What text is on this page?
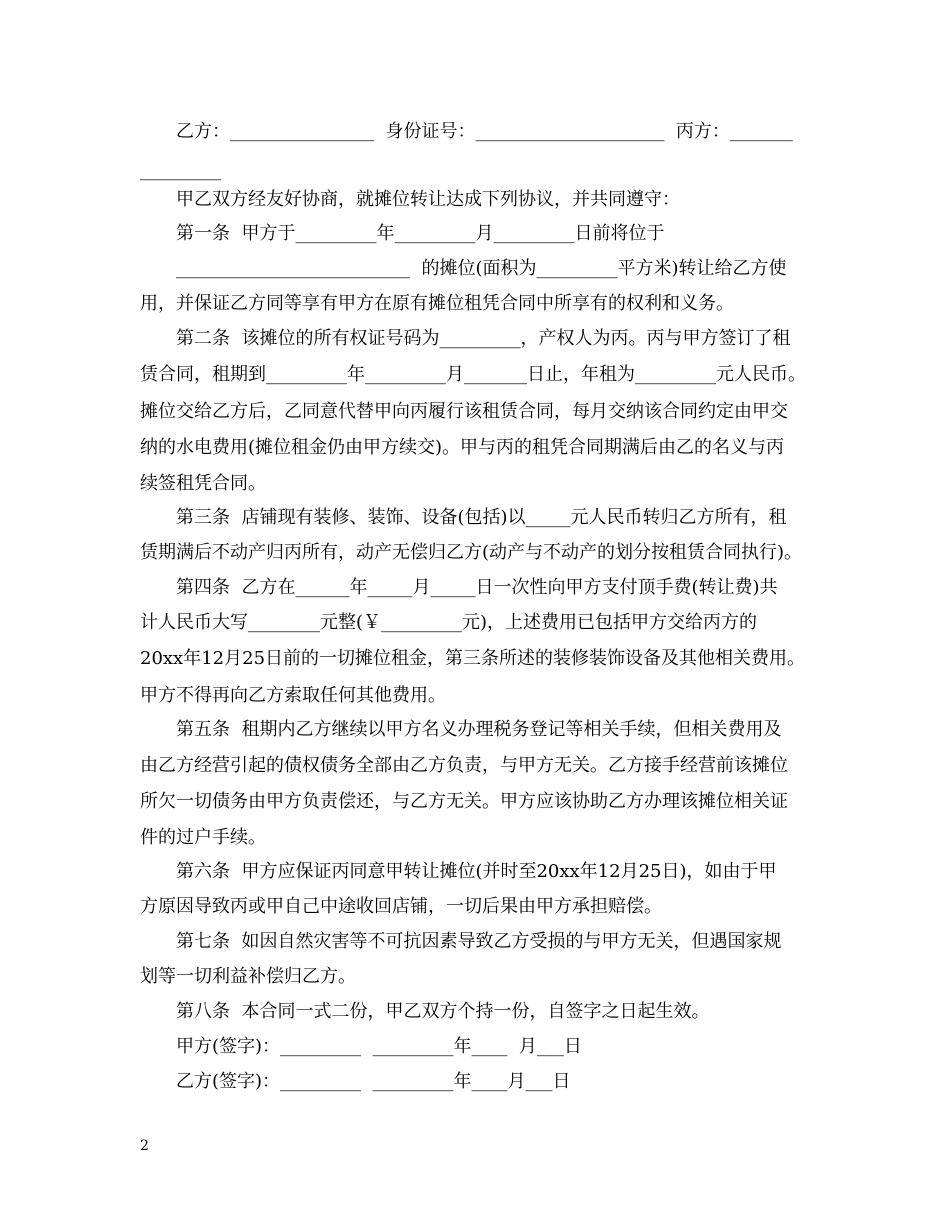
乙方：________________  身份证号：_____________________  丙方：_______
_________
甲乙双方经友好协商，就摊位转让达成下列协议，并共同遵守：
第一条  甲方于_________年_________月_________日前将位于
__________________________  的摊位(面积为_________平方米)转让给乙方使
用，并保证乙方同等享有甲方在原有摊位租凭合同中所享有的权利和义务。
第二条  该摊位的所有权证号码为_________，产权人为丙。丙与甲方签订了租
赁合同，租期到_________年_________月_______日止，年租为_________元人民币。
摊位交给乙方后，乙同意代替甲向丙履行该租赁合同，每月交纳该合同约定由甲交
纳的水电费用(摊位租金仍由甲方续交)。甲与丙的租凭合同期满后由乙的名义与丙
续签租凭合同。
第三条  店铺现有装修、装饰、设备(包括)以_____元人民币转归乙方所有，租
赁期满后不动产归丙所有，动产无偿归乙方(动产与不动产的划分按租赁合同执行)。
第四条  乙方在______年_____月_____日一次性向甲方支付顶手费(转让费)共
计人民币大写________元整(￥_________元)，上述费用已包括甲方交给丙方的
20xx年12月25日前的一切摊位租金，第三条所述的装修装饰设备及其他相关费用。
甲方不得再向乙方索取任何其他费用。
第五条  租期内乙方继续以甲方名义办理税务登记等相关手续，但相关费用及
由乙方经营引起的债权债务全部由乙方负责，与甲方无关。乙方接手经营前该摊位
所欠一切债务由甲方负责偿还，与乙方无关。甲方应该协助乙方办理该摊位相关证
件的过户手续。
第六条  甲方应保证丙同意甲转让摊位(并时至20xx年12月25日)，如由于甲
方原因导致丙或甲自己中途收回店铺，一切后果由甲方承担赔偿。
第七条  如因自然灾害等不可抗因素导致乙方受损的与甲方无关，但遇国家规
划等一切利益补偿归乙方。
第八条  本合同一式二份，甲乙双方个持一份，自签字之日起生效。
甲方(签字)：_________  _________年____  月___日
乙方(签字)：_________  _________年____月___日
2
